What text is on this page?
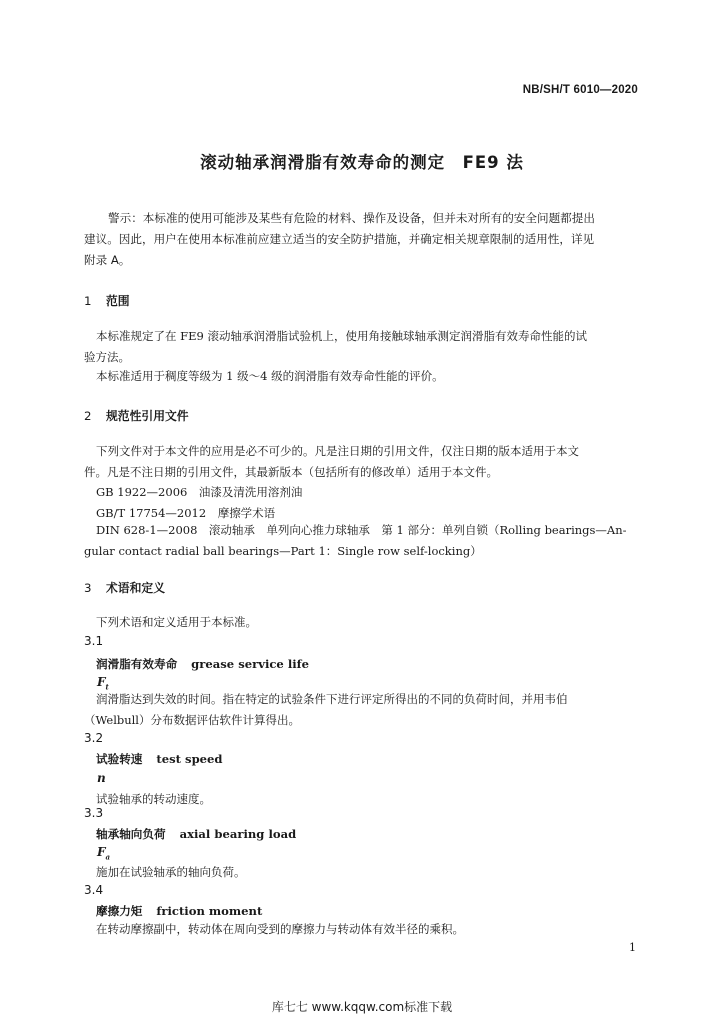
NB/SH/T 6010—2020
滚动轴承润滑脂有效寿命的测定　FE9 法
警示：本标准的使用可能涉及某些有危险的材料、操作及设备，但并未对所有的安全问题都提出
建议。因此，用户在使用本标准前应建立适当的安全防护措施，并确定相关规章限制的适用性，详见
附录 A。
1 范围
本标准规定了在 FE9 滚动轴承润滑脂试验机上，使用角接触球轴承测定润滑脂有效寿命性能的试
验方法。
本标准适用于稠度等级为 1 级～4 级的润滑脂有效寿命性能的评价。
2 规范性引用文件
下列文件对于本文件的应用是必不可少的。凡是注日期的引用文件，仅注日期的版本适用于本文
件。凡是不注日期的引用文件，其最新版本（包括所有的修改单）适用于本文件。
GB 1922—2006　油漆及清洗用溶剂油
GB/T 17754—2012　摩擦学术语
DIN 628-1—2008　滚动轴承　单列向心推力球轴承　第 1 部分：单列自锁（Rolling bearings—An-
gular contact radial ball bearings—Part 1：Single row self-locking）
3 术语和定义
下列术语和定义适用于本标准。
3.1
润滑脂有效寿命 grease service life
$F_t$
润滑脂达到失效的时间。指在特定的试验条件下进行评定所得出的不同的负荷时间，并用韦伯
（Welbull）分布数据评估软件计算得出。
3.2
试验转速 test speed
n
试验轴承的转动速度。
3.3
轴承轴向负荷 axial bearing load
$F_a$
施加在试验轴承的轴向负荷。
3.4
摩擦力矩 friction moment
在转动摩擦副中，转动体在周向受到的摩擦力与转动体有效半径的乘积。
1
库七七 www.kqqw.com标准下载
